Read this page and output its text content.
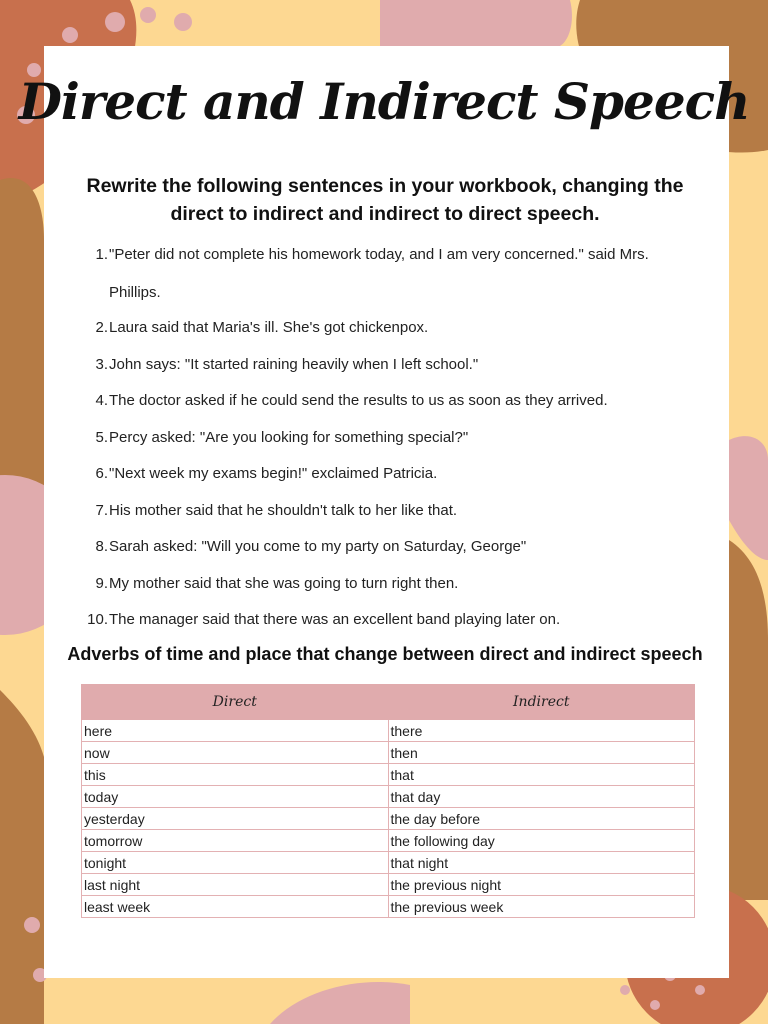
Direct and Indirect Speech
Rewrite the following sentences in your workbook, changing the direct to indirect and indirect to direct speech.
1."Peter did not complete his homework today, and I am very concerned." said Mrs.
Phillips.
2.Laura said that Maria's ill. She's got chickenpox.
3.John says: "It started raining heavily when I left school."
4.The doctor asked if he could send the results to us as soon as they arrived.
5.Percy asked: "Are you looking for something special?"
6."Next week my exams begin!" exclaimed Patricia.
7.His mother said that he shouldn't talk to her like that.
8.Sarah asked: "Will you come to my party on Saturday, George"
9.My mother said that she was going to turn right then.
10.The manager said that there was an excellent band playing later on.
Adverbs of time and place that change between direct and indirect speech
Direct	Indirect
here	there
now	then
this	that
today	that day
yesterday	the day before
tomorrow	the following day
tonight	that night
last night	the previous night
least week	the previous week
